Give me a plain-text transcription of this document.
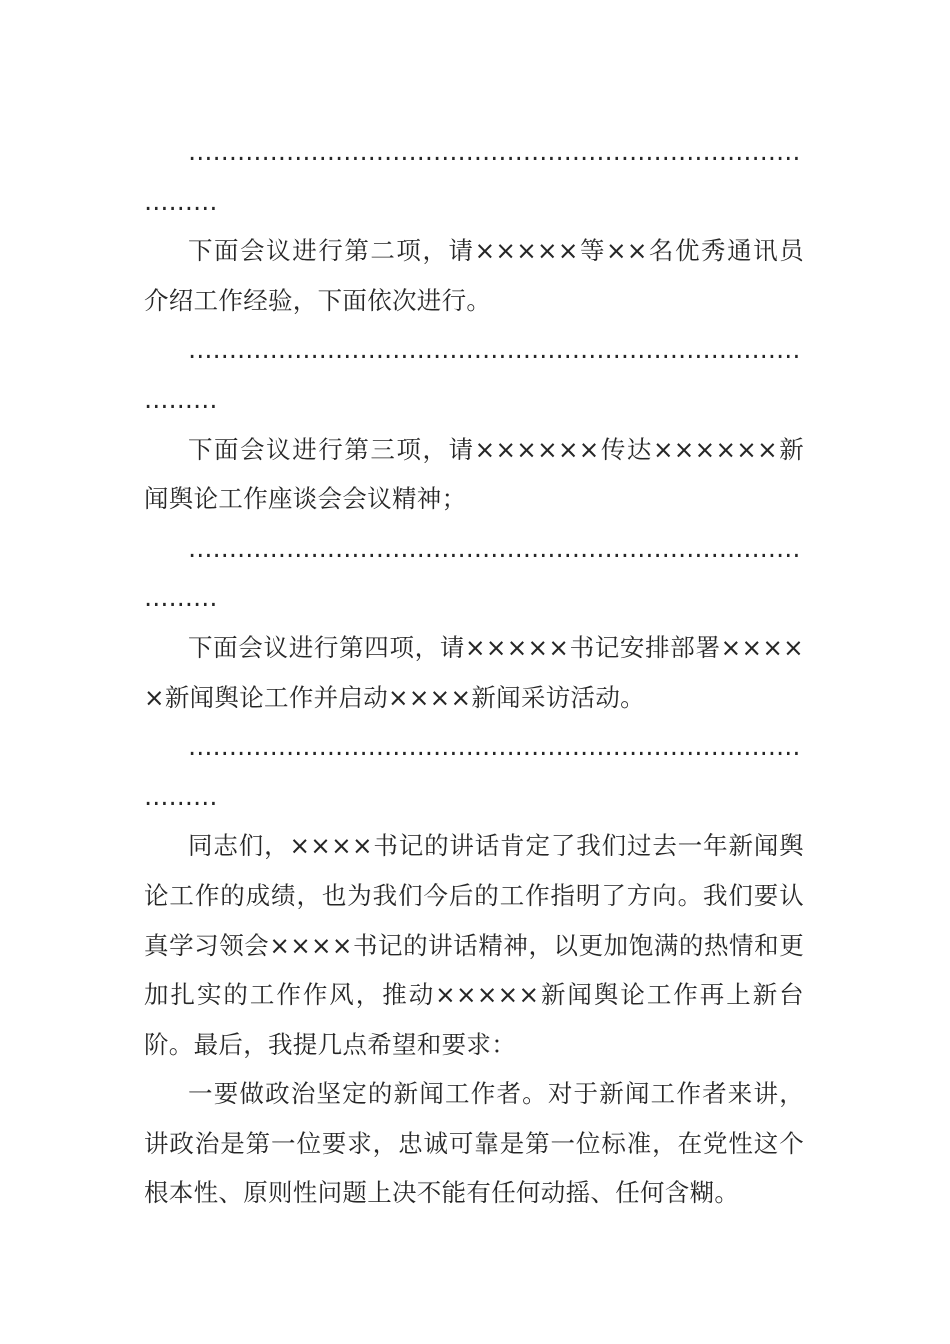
…………………………………………………………………………

下面会议进行第二项，请×××××等××名优秀通讯员介绍工作经验，下面依次进行。

…………………………………………………………………………

下面会议进行第三项，请××××××传达××××××新闻舆论工作座谈会会议精神；

…………………………………………………………………………

下面会议进行第四项，请×××××书记安排部署×××××新闻舆论工作并启动××××新闻采访活动。

…………………………………………………………………………

同志们，××××书记的讲话肯定了我们过去一年新闻舆论工作的成绩，也为我们今后的工作指明了方向。我们要认真学习领会××××书记的讲话精神，以更加饱满的热情和更加扎实的工作作风，推动×××××新闻舆论工作再上新台阶。最后，我提几点希望和要求：

一要做政治坚定的新闻工作者。对于新闻工作者来讲，讲政治是第一位要求，忠诚可靠是第一位标准，在党性这个根本性、原则性问题上决不能有任何动摇、任何含糊。
